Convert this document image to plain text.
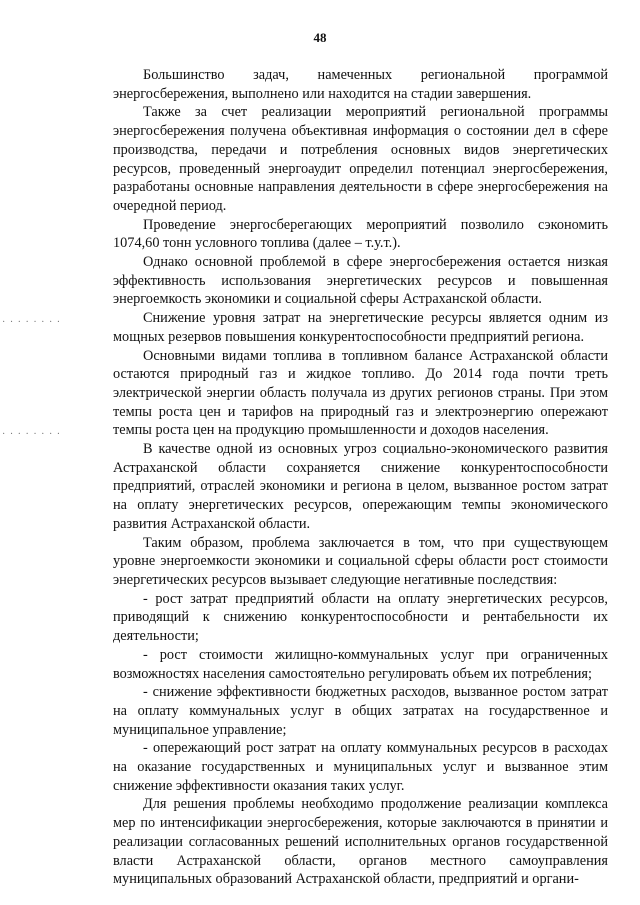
· · · · · · · ·
· · · · · · · ·
48

Большинство задач, намеченных региональной программой энергосбережения, выполнено или находится на стадии завершения.

Также за счет реализации мероприятий региональной программы энергосбережения получена объективная информация о состоянии дел в сфере производства, передачи и потребления основных видов энергетических ресурсов, проведенный энергоаудит определил потенциал энергосбережения, разработаны основные направления деятельности в сфере энергосбережения на очередной период.

Проведение энергосберегающих мероприятий позволило сэкономить 1074,60 тонн условного топлива (далее – т.у.т.).

Однако основной проблемой в сфере энергосбережения остается низкая эффективность использования энергетических ресурсов и повышенная энергоемкость экономики и социальной сферы Астраханской области.

Снижение уровня затрат на энергетические ресурсы является одним из мощных резервов повышения конкурентоспособности предприятий региона.

Основными видами топлива в топливном балансе Астраханской области остаются природный газ и жидкое топливо. До 2014 года почти треть электрической энергии область получала из других регионов страны. При этом темпы роста цен и тарифов на природный газ и электроэнергию опережают темпы роста цен на продукцию промышленности и доходов населения.

В качестве одной из основных угроз социально-экономического развития Астраханской области сохраняется снижение конкурентоспособности предприятий, отраслей экономики и региона в целом, вызванное ростом затрат на оплату энергетических ресурсов, опережающим темпы экономического развития Астраханской области.

Таким образом, проблема заключается в том, что при существующем уровне энергоемкости экономики и социальной сферы области рост стоимости энергетических ресурсов вызывает следующие негативные последствия:

- рост затрат предприятий области на оплату энергетических ресурсов, приводящий к снижению конкурентоспособности и рентабельности их деятельности;

- рост стоимости жилищно-коммунальных услуг при ограниченных возможностях населения самостоятельно регулировать объем их потребления;

- снижение эффективности бюджетных расходов, вызванное ростом затрат на оплату коммунальных услуг в общих затратах на государственное и муниципальное управление;

- опережающий рост затрат на оплату коммунальных ресурсов в расходах на оказание государственных и муниципальных услуг и вызванное этим снижение эффективности оказания таких услуг.

Для решения проблемы необходимо продолжение реализации комплекса мер по интенсификации энергосбережения, которые заключаются в принятии и реализации согласованных решений исполнительных органов государственной власти Астраханской области, органов местного самоуправления муниципальных образований Астраханской области, предприятий и органи-
